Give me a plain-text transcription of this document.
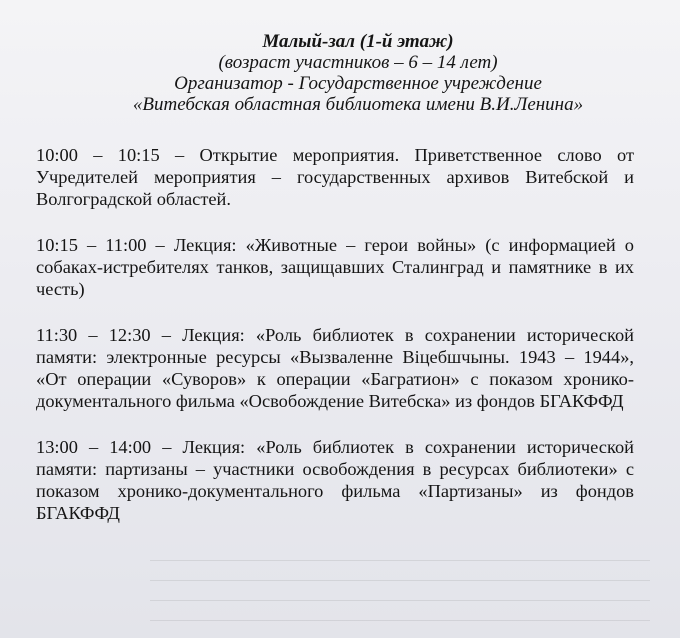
Малый-зал (1-й этаж)
(возраст участников – 6 – 14 лет)
Организатор - Государственное учреждение
«Витебская областная библиотека имени В.И.Ленина»

10:00 – 10:15 – Открытие мероприятия. Приветственное слово от Учредителей мероприятия – государственных архивов Витебской и Волгоградской областей.

10:15 – 11:00 – Лекция: «Животные – герои войны» (с информацией о собаках-истребителях танков, защищавших Сталинград и памятнике в их честь)

11:30 – 12:30 – Лекция: «Роль библиотек в сохранении исторической памяти: электронные ресурсы «Вызваленне Віцебшчыны. 1943 – 1944», «От операции «Суворов» к операции «Багратион» с показом хронико-документального фильма «Освобождение Витебска» из фондов БГАКФФД

13:00 – 14:00 – Лекция: «Роль библиотек в сохранении исторической памяти: партизаны – участники освобождения в ресурсах библиотеки» с показом хронико-документального фильма «Партизаны» из фондов БГАКФФД
